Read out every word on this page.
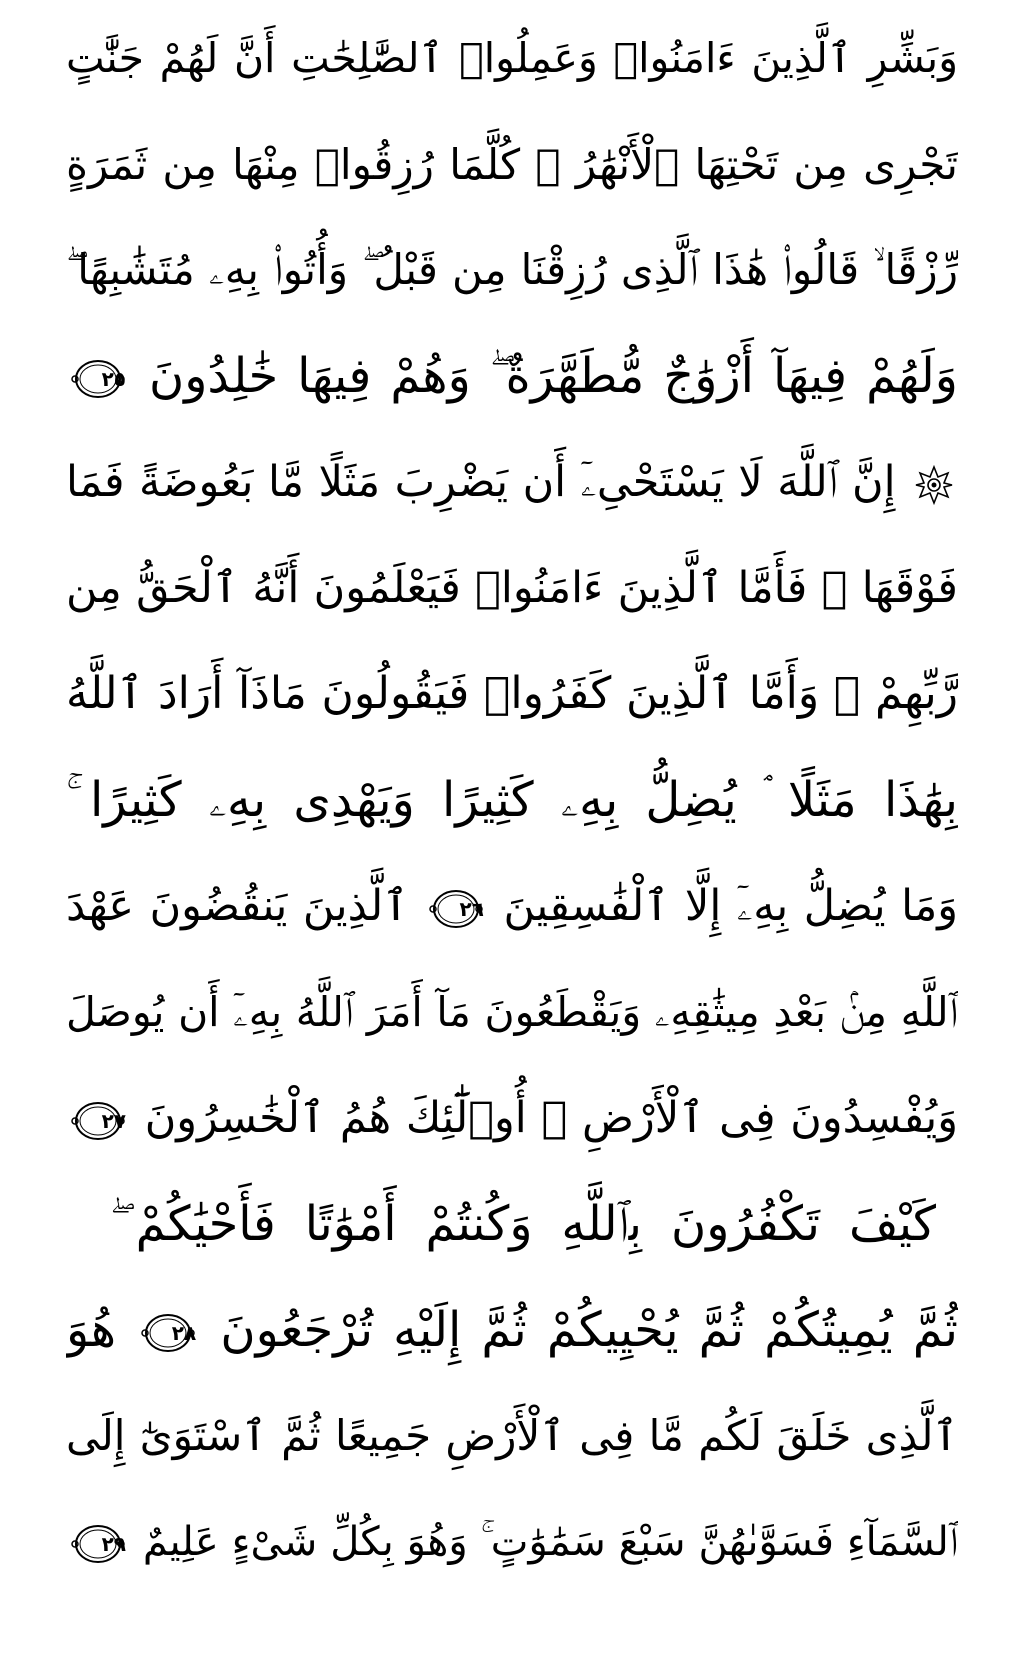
وَبَشِّرِ ٱلَّذِينَ ءَامَنُوا۟ وَعَمِلُوا۟ ٱلصَّٰلِحَٰتِ أَنَّ لَهُمْ جَنَّٰتٍ
تَجْرِى مِن تَحْتِهَا ٱلْأَنْهَٰرُ ۖ كُلَّمَا رُزِقُوا۟ مِنْهَا مِن ثَمَرَةٍ
رِّزْقًا ۙ قَالُوا۟ هَٰذَا ٱلَّذِى رُزِقْنَا مِن قَبْلُ ۖ وَأُتُوا۟ بِهِۦ مُتَشَٰبِهًا ۖ
وَلَهُمْ فِيهَآ أَزْوَٰجٌ مُّطَهَّرَةٌ ۖ وَهُمْ فِيهَا خَٰلِدُونَ
٢٥
إِنَّ ٱللَّهَ لَا يَسْتَحْىِۦٓ أَن يَضْرِبَ مَثَلًا مَّا بَعُوضَةً فَمَا
فَوْقَهَا ۚ فَأَمَّا ٱلَّذِينَ ءَامَنُوا۟ فَيَعْلَمُونَ أَنَّهُ ٱلْحَقُّ مِن
رَّبِّهِمْ ۖ وَأَمَّا ٱلَّذِينَ كَفَرُوا۟ فَيَقُولُونَ مَاذَآ أَرَادَ ٱللَّهُ
بِهَٰذَا مَثَلًا ۘ يُضِلُّ بِهِۦ كَثِيرًا وَيَهْدِى بِهِۦ كَثِيرًا ۚ
وَمَا يُضِلُّ بِهِۦٓ إِلَّا ٱلْفَٰسِقِينَ
٢٦
ٱلَّذِينَ يَنقُضُونَ عَهْدَ
ٱللَّهِ مِنۢ بَعْدِ مِيثَٰقِهِۦ وَيَقْطَعُونَ مَآ أَمَرَ ٱللَّهُ بِهِۦٓ أَن يُوصَلَ
وَيُفْسِدُونَ فِى ٱلْأَرْضِ ۚ أُو۟لَٰٓئِكَ هُمُ ٱلْخَٰسِرُونَ
٢٧
كَيْفَ تَكْفُرُونَ بِٱللَّهِ وَكُنتُمْ أَمْوَٰتًا فَأَحْيَٰكُمْ ۖ
ثُمَّ يُمِيتُكُمْ ثُمَّ يُحْيِيكُمْ ثُمَّ إِلَيْهِ تُرْجَعُونَ
٢٨
هُوَ
ٱلَّذِى خَلَقَ لَكُم مَّا فِى ٱلْأَرْضِ جَمِيعًا ثُمَّ ٱسْتَوَىٰٓ إِلَى
ٱلسَّمَآءِ فَسَوَّىٰهُنَّ سَبْعَ سَمَٰوَٰتٍ ۚ وَهُوَ بِكُلِّ شَىْءٍ عَلِيمٌ
٢٩
